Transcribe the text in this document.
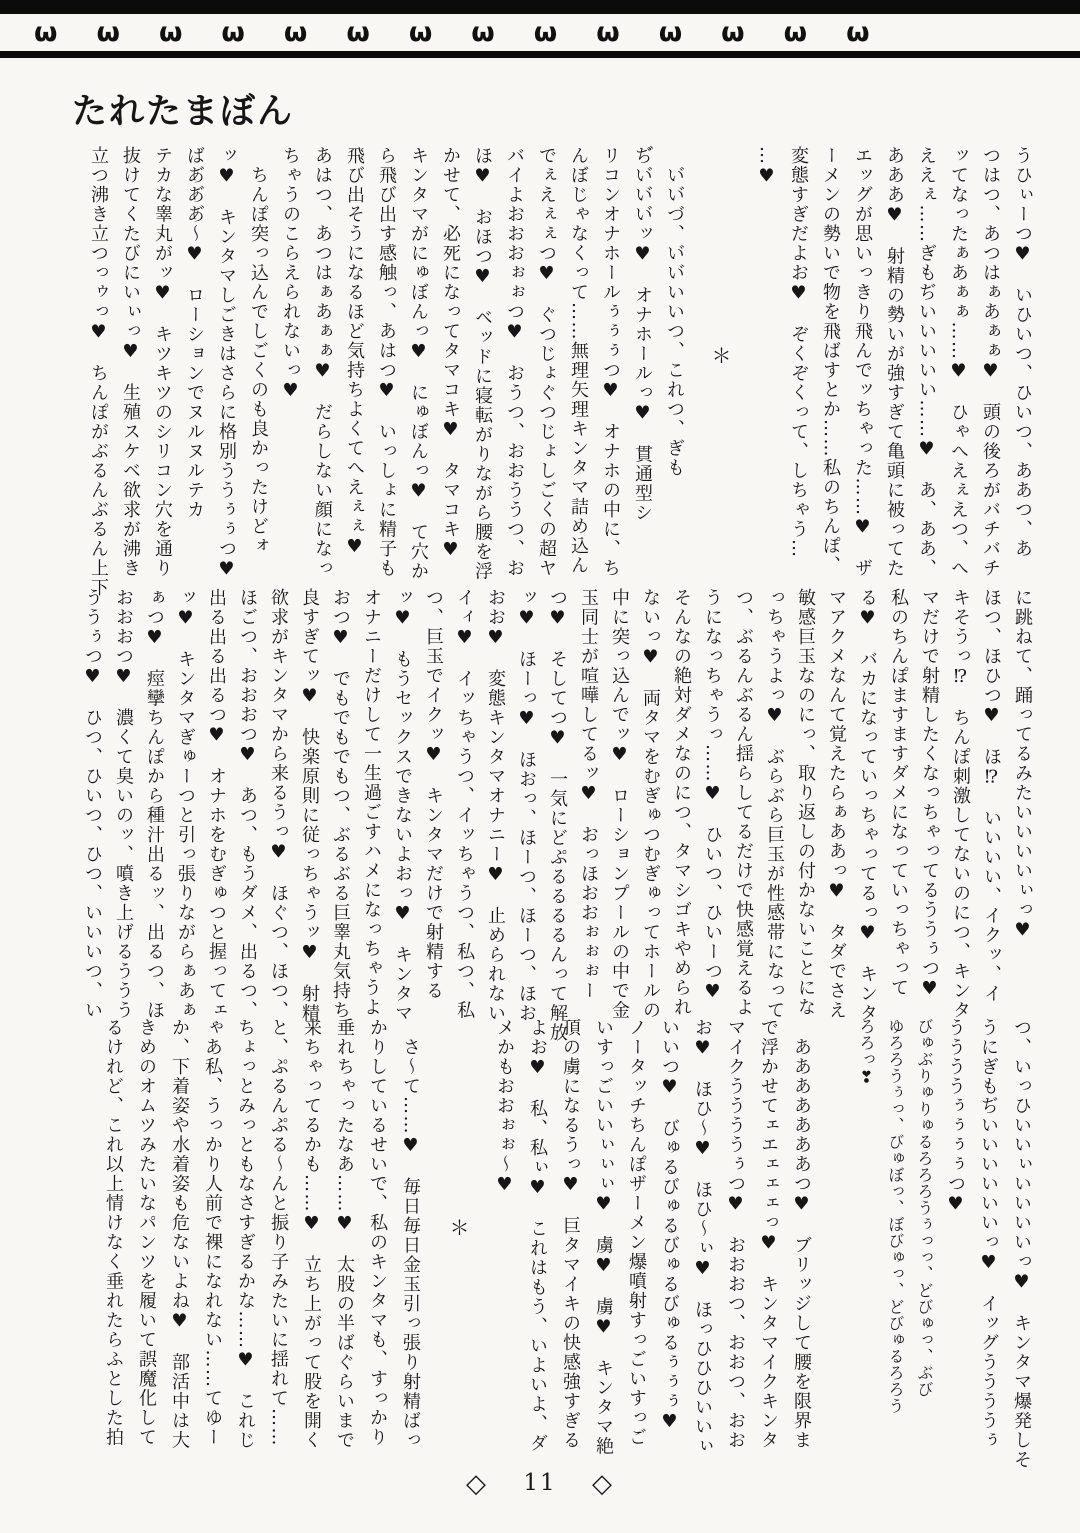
ω ω ω ω ω ω ω ω ω ω ω ω ω ω
たれたまぼん
うひぃーつ♥　いひいつ、ひいつ、ああつ、あ
つはつ、あつはぁあぁぁ♥　頭の後ろがバチバチ
ッてなったぁあぁぁ……♥　ひゃへえぇえつ、へ
ええぇ……ぎもぢいいいいい……♥　あ、ああ、
あああ♥　射精の勢いが強すぎて亀頭に被ってた
エッグが思いっきり飛んでッちゃった……♥　ザ
ーメンの勢いで物を飛ばすとか……私のちんぽ、
変態すぎだよお♥　ぞくぞくって、しちゃう…
…♥
＊
　い゙い゙づ、い゙い゙いいつ、これつ、ぎも
ぢ゙い゙い゙い゙ッ♥　オナホールっ♥　貫通型シ
リコンオナホールぅぅぅつ♥　オナホの中に、ち
んぼじゃなくって……無理矢理キンタマ詰め込ん
でぇえぇぇつ♥　ぐつじょぐつじょしごくの超ヤ
バイよおおおぉぉつ♥　おうつ、おおううつ、お
ほ♥　おほつ♥　ベッドに寝転がりながら腰を浮
かせて、必死になってタマコキ♥　タマコキ♥
キンタマがにゅぼんっ♥　にゅぼんっ♥　て穴か
ら飛び出す感触っ、あはつ♥　いっしょに精子も
飛び出そうになるほど気持ちよくてへえぇぇ♥
あはつ、あつはぁあぁぁ♥　だらしない顔になっ
ちゃうのこらえられないっ♥
　ちんぽ突っ込んでしごくのも良かったけどォ
ッ♥　キンタマしごきはさらに格別ううぅぅつ♥
ばあ゙あ゙あ゙〜♥　ローションでヌルヌルテカ
テカな睾丸がッ♥　キツキツのシリコン穴を通り
抜けてくたびにいぃっ♥　生殖スケベ欲求が沸き
立つ沸き立つっゥっ♥　ちんぽがぶるんぶるん上下
に跳ねて、踊ってるみたいいいいぃっ♥
ほつ、ほひつ♥　ほ⁉　いいいい、イクッ、イ
キそうっ⁉　ちんぽ刺激してないのにつ、キンタ
マだけで射精したくなっちゃってるううぅつ♥
私のちんぽますますダメになっていっちゃって
る♥　バカになっていっちゃってるっ♥　キンタ
マアクメなんて覚えたらぁああっ♥　タダでさえ
敏感巨玉なのにっ、取り返しの付かないことにな
っちゃうよっ♥　ぶらぶら巨玉が性感帯になって
つ、ぶるんぶるん揺らしてるだけで快感覚えるよ
うになっちゃうっ……♥　ひいつ、ひいーつ♥
そんなの絶対ダメなのにつ、タマシゴキやめられ
ないっ♥　両タマをむぎゅつむぎゅってホールの
中に突っ込んでッ♥　ローションプールの中で金
玉同士が喧嘩してるッ♥　おっほおおぉぉぉー
つ♥　そしてつ♥　一気にどぷるるるるんって解放
ッ♥　ほーっ♥　ほおっ、ほーつ、ほーつ、ほお
おお♥　変態キンタマオナニー♥　止められない
イィ♥　イッちゃうつ、イッちゃうつ、私つ、私
つ、巨玉でイクッ♥　キンタマだけで射精する
ッ♥　もうセックスできないよおっ♥　キンタマ
オナニーだけして一生過ごすハメになっちゃうよ
おつ♥　でもでもでもつ、ぶるぶる巨睾丸気持ち
良すぎてッ♥　快楽原則に従っちゃうッ♥　射精
欲求がキンタマから来るうっ♥　ほぐつ、ほつ、
ほごつ、おおおつ♥　あつ、もうダメ、出るつ、
出る出る出るつ♥　オナホをむぎゅつと握ってェ
ッ♥　キンタマぎゅーつと引っ張りながらぁあぁ
ぁつ♥　痙攣ちんぽから種汁出るッ、出るつ、ほ
おおおつ♥　濃くて臭いのッ、噴き上げるううう
ううぅつ♥　ひつ、ひいつ、ひつ、いいいつ、い
つ、いっひいいぃいいいいっ♥　キンタマ爆発しそ
うにぎもぢいいいいいいっ♥　イッグううううぅ
ううううぅぅぅぅつ♥
びゅぶりゅりゅるろろろうぅっっ、どびゅっ、ぶび
ゆろろうぅっ、びゅぼっ、ぼびゅっ、どびゅるろろう
ろろっ❣
　あああああああつ♥　ブリッジして腰を限界ま
で浮かせてェエェェェっ♥　キンタマイクキンタ
マイクううううぅつ♥　おおおつ、おおつ、おお
お♥　ほひ〜♥　ほひ〜ぃ♥　ほっひひひいいぃ
いいつ♥　びゅるびゅるびゅるびゅるぅぅぅ♥
ノータッチちんぽザーメン爆噴射すっごいすっご
いすっごいいぃぃぃ♥　虜♥　虜♥　キンタマ絶
頂の虜になるうっ♥　巨タマイキの快感強すぎる
よお♥　私、私ぃ♥　これはもう、いよいよ、ダ
メかもおおぉぉ〜♥
＊
　さ〜て……♥　毎日毎日金玉引っ張り射精ばっ
かりしているせいで、私のキンタマも、すっかり
垂れちゃったなあ……♥　太股の半ばぐらいまで
来ちゃってるかも……♥　立ち上がって股を開く
と、ぷるんぷる〜んと振り子みたいに揺れて……
ちょっとみっともなさすぎるかな……♥　これじ
ゃあ私、うっかり人前で裸になれない……てゆー
か、下着姿や水着姿も危ないよね♥　部活中は大
きめのオムツみたいなパンツを履いて誤魔化して
るけれど、これ以上情けなく垂れたらふとした拍
◇ 11 ◇
